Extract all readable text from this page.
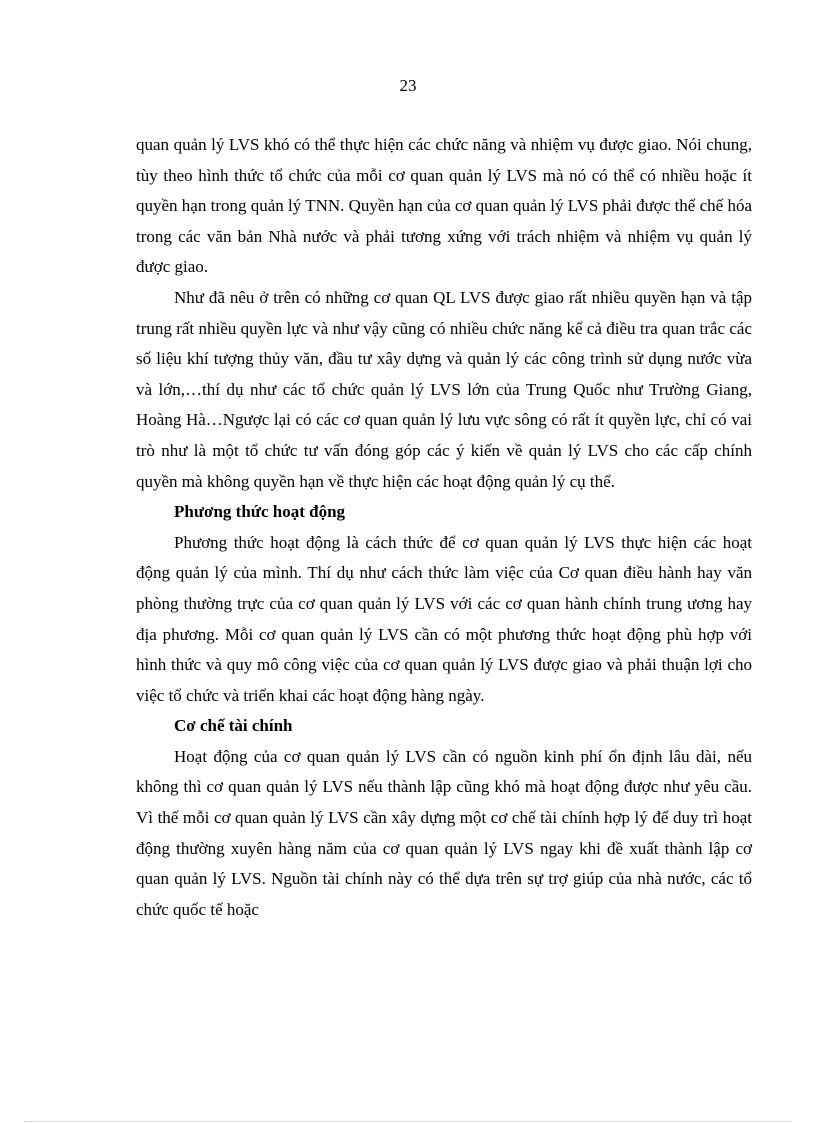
23

quan quản lý LVS khó có thể thực hiện các chức năng và nhiệm vụ được giao. Nói chung, tùy theo hình thức tổ chức của mỗi cơ quan quản lý LVS mà nó có thể có nhiều hoặc ít quyền hạn trong quản lý TNN. Quyền hạn của cơ quan quản lý LVS phải được thể chế hóa trong các văn bản Nhà nước và phải tương xứng với trách nhiệm và nhiệm vụ quản lý được giao.

Như đã nêu ở trên có những cơ quan QL LVS được giao rất nhiều quyền hạn và tập trung rất nhiều quyền lực và như vậy cũng có nhiều chức năng kể cả điều tra quan trắc các số liệu khí tượng thủy văn, đầu tư xây dựng và quản lý các công trình sử dụng nước vừa và lớn,…thí dụ như các tổ chức quản lý LVS lớn của Trung Quốc như Trường Giang, Hoàng Hà…Ngược lại có các cơ quan quản lý lưu vực sông có rất ít quyền lực, chỉ có vai trò như là một tổ chức tư vấn đóng góp các ý kiến về quản lý LVS cho các cấp chính quyền mà không quyền hạn về thực hiện các hoạt động quản lý cụ thể.

Phương thức hoạt động

Phương thức hoạt động là cách thức để cơ quan quản lý LVS thực hiện các hoạt động quản lý của mình. Thí dụ như cách thức làm việc của Cơ quan điều hành hay văn phòng thường trực của cơ quan quản lý LVS với các cơ quan hành chính trung ương hay địa phương. Mỗi cơ quan quản lý LVS cần có một phương thức hoạt động phù hợp với hình thức và quy mô công việc của cơ quan quản lý LVS được giao và phải thuận lợi cho việc tổ chức và triển khai các hoạt động hàng ngày.

Cơ chế tài chính

Hoạt động của cơ quan quản lý LVS cần có nguồn kinh phí ổn định lâu dài, nếu không thì cơ quan quản lý LVS nếu thành lập cũng khó mà hoạt động được như yêu cầu. Vì thế mỗi cơ quan quản lý LVS cần xây dựng một cơ chế tài chính hợp lý để duy trì hoạt động thường xuyên hàng năm của cơ quan quản lý LVS ngay khi đề xuất thành lập cơ quan quản lý LVS. Nguồn tài chính này có thể dựa trên sự trợ giúp của nhà nước, các tổ chức quốc tế hoặc
